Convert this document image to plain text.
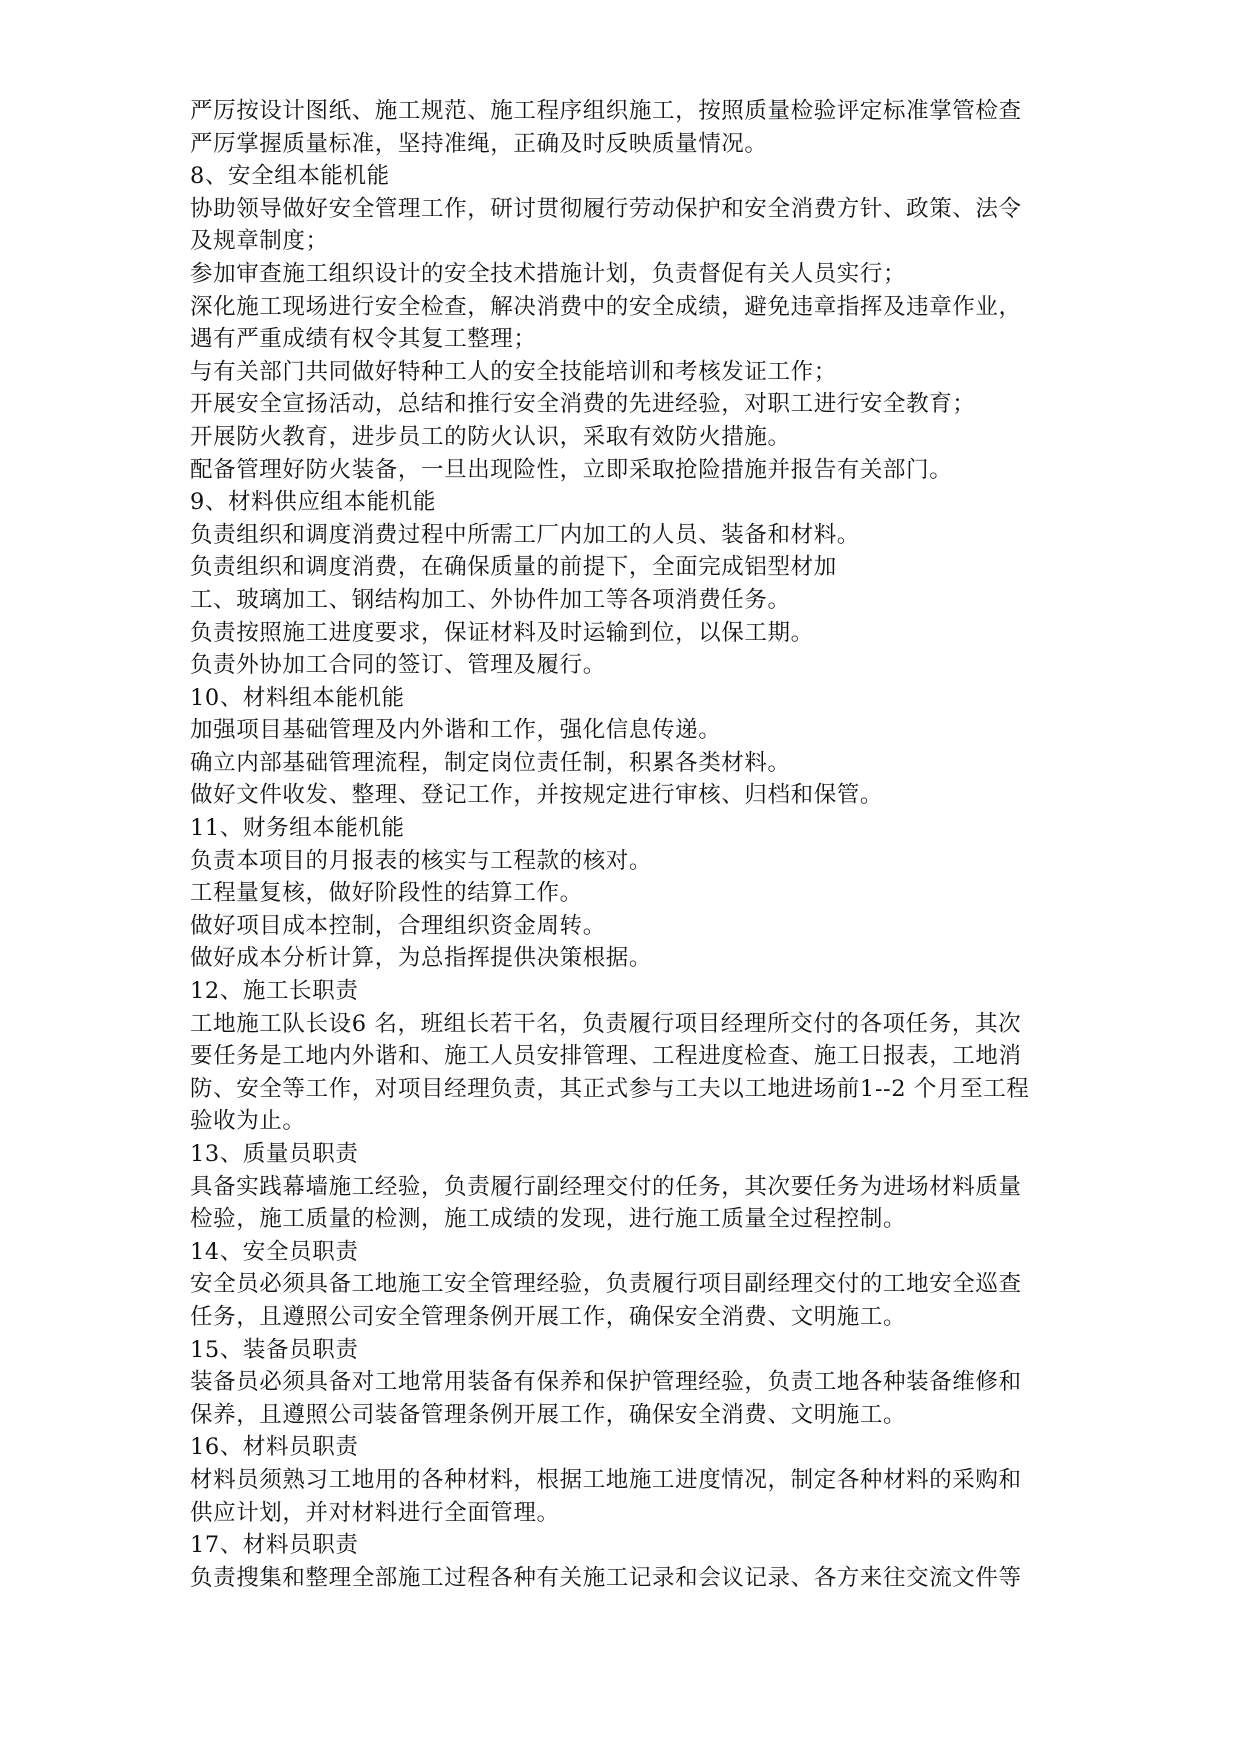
严厉按设计图纸、施工规范、施工程序组织施工，按照质量检验评定标准掌管检查
严厉掌握质量标准，坚持准绳，正确及时反映质量情况。
8、安全组本能机能
协助领导做好安全管理工作，研讨贯彻履行劳动保护和安全消费方针、政策、法令
及规章制度；
参加审查施工组织设计的安全技术措施计划，负责督促有关人员实行；
深化施工现场进行安全检查，解决消费中的安全成绩，避免违章指挥及违章作业，
遇有严重成绩有权令其复工整理；
与有关部门共同做好特种工人的安全技能培训和考核发证工作；
开展安全宣扬活动，总结和推行安全消费的先进经验，对职工进行安全教育；
开展防火教育，进步员工的防火认识，采取有效防火措施。
配备管理好防火装备，一旦出现险性，立即采取抢险措施并报告有关部门。
9、材料供应组本能机能
负责组织和调度消费过程中所需工厂内加工的人员、装备和材料。
负责组织和调度消费，在确保质量的前提下，全面完成铝型材加
工、玻璃加工、钢结构加工、外协件加工等各项消费任务。
负责按照施工进度要求，保证材料及时运输到位，以保工期。
负责外协加工合同的签订、管理及履行。
10、材料组本能机能
加强项目基础管理及内外谐和工作，强化信息传递。
确立内部基础管理流程，制定岗位责任制，积累各类材料。
做好文件收发、整理、登记工作，并按规定进行审核、归档和保管。
11、财务组本能机能
负责本项目的月报表的核实与工程款的核对。
工程量复核，做好阶段性的结算工作。
做好项目成本控制，合理组织资金周转。
做好成本分析计算，为总指挥提供决策根据。
12、施工长职责
工地施工队长设6 名，班组长若干名，负责履行项目经理所交付的各项任务，其次
要任务是工地内外谐和、施工人员安排管理、工程进度检查、施工日报表，工地消
防、安全等工作，对项目经理负责，其正式参与工夫以工地进场前1--2 个月至工程
验收为止。
13、质量员职责
具备实践幕墙施工经验，负责履行副经理交付的任务，其次要任务为进场材料质量
检验，施工质量的检测，施工成绩的发现，进行施工质量全过程控制。
14、安全员职责
安全员必须具备工地施工安全管理经验，负责履行项目副经理交付的工地安全巡查
任务，且遵照公司安全管理条例开展工作，确保安全消费、文明施工。
15、装备员职责
装备员必须具备对工地常用装备有保养和保护管理经验，负责工地各种装备维修和
保养，且遵照公司装备管理条例开展工作，确保安全消费、文明施工。
16、材料员职责
材料员须熟习工地用的各种材料，根据工地施工进度情况，制定各种材料的采购和
供应计划，并对材料进行全面管理。
17、材料员职责
负责搜集和整理全部施工过程各种有关施工记录和会议记录、各方来往交流文件等
